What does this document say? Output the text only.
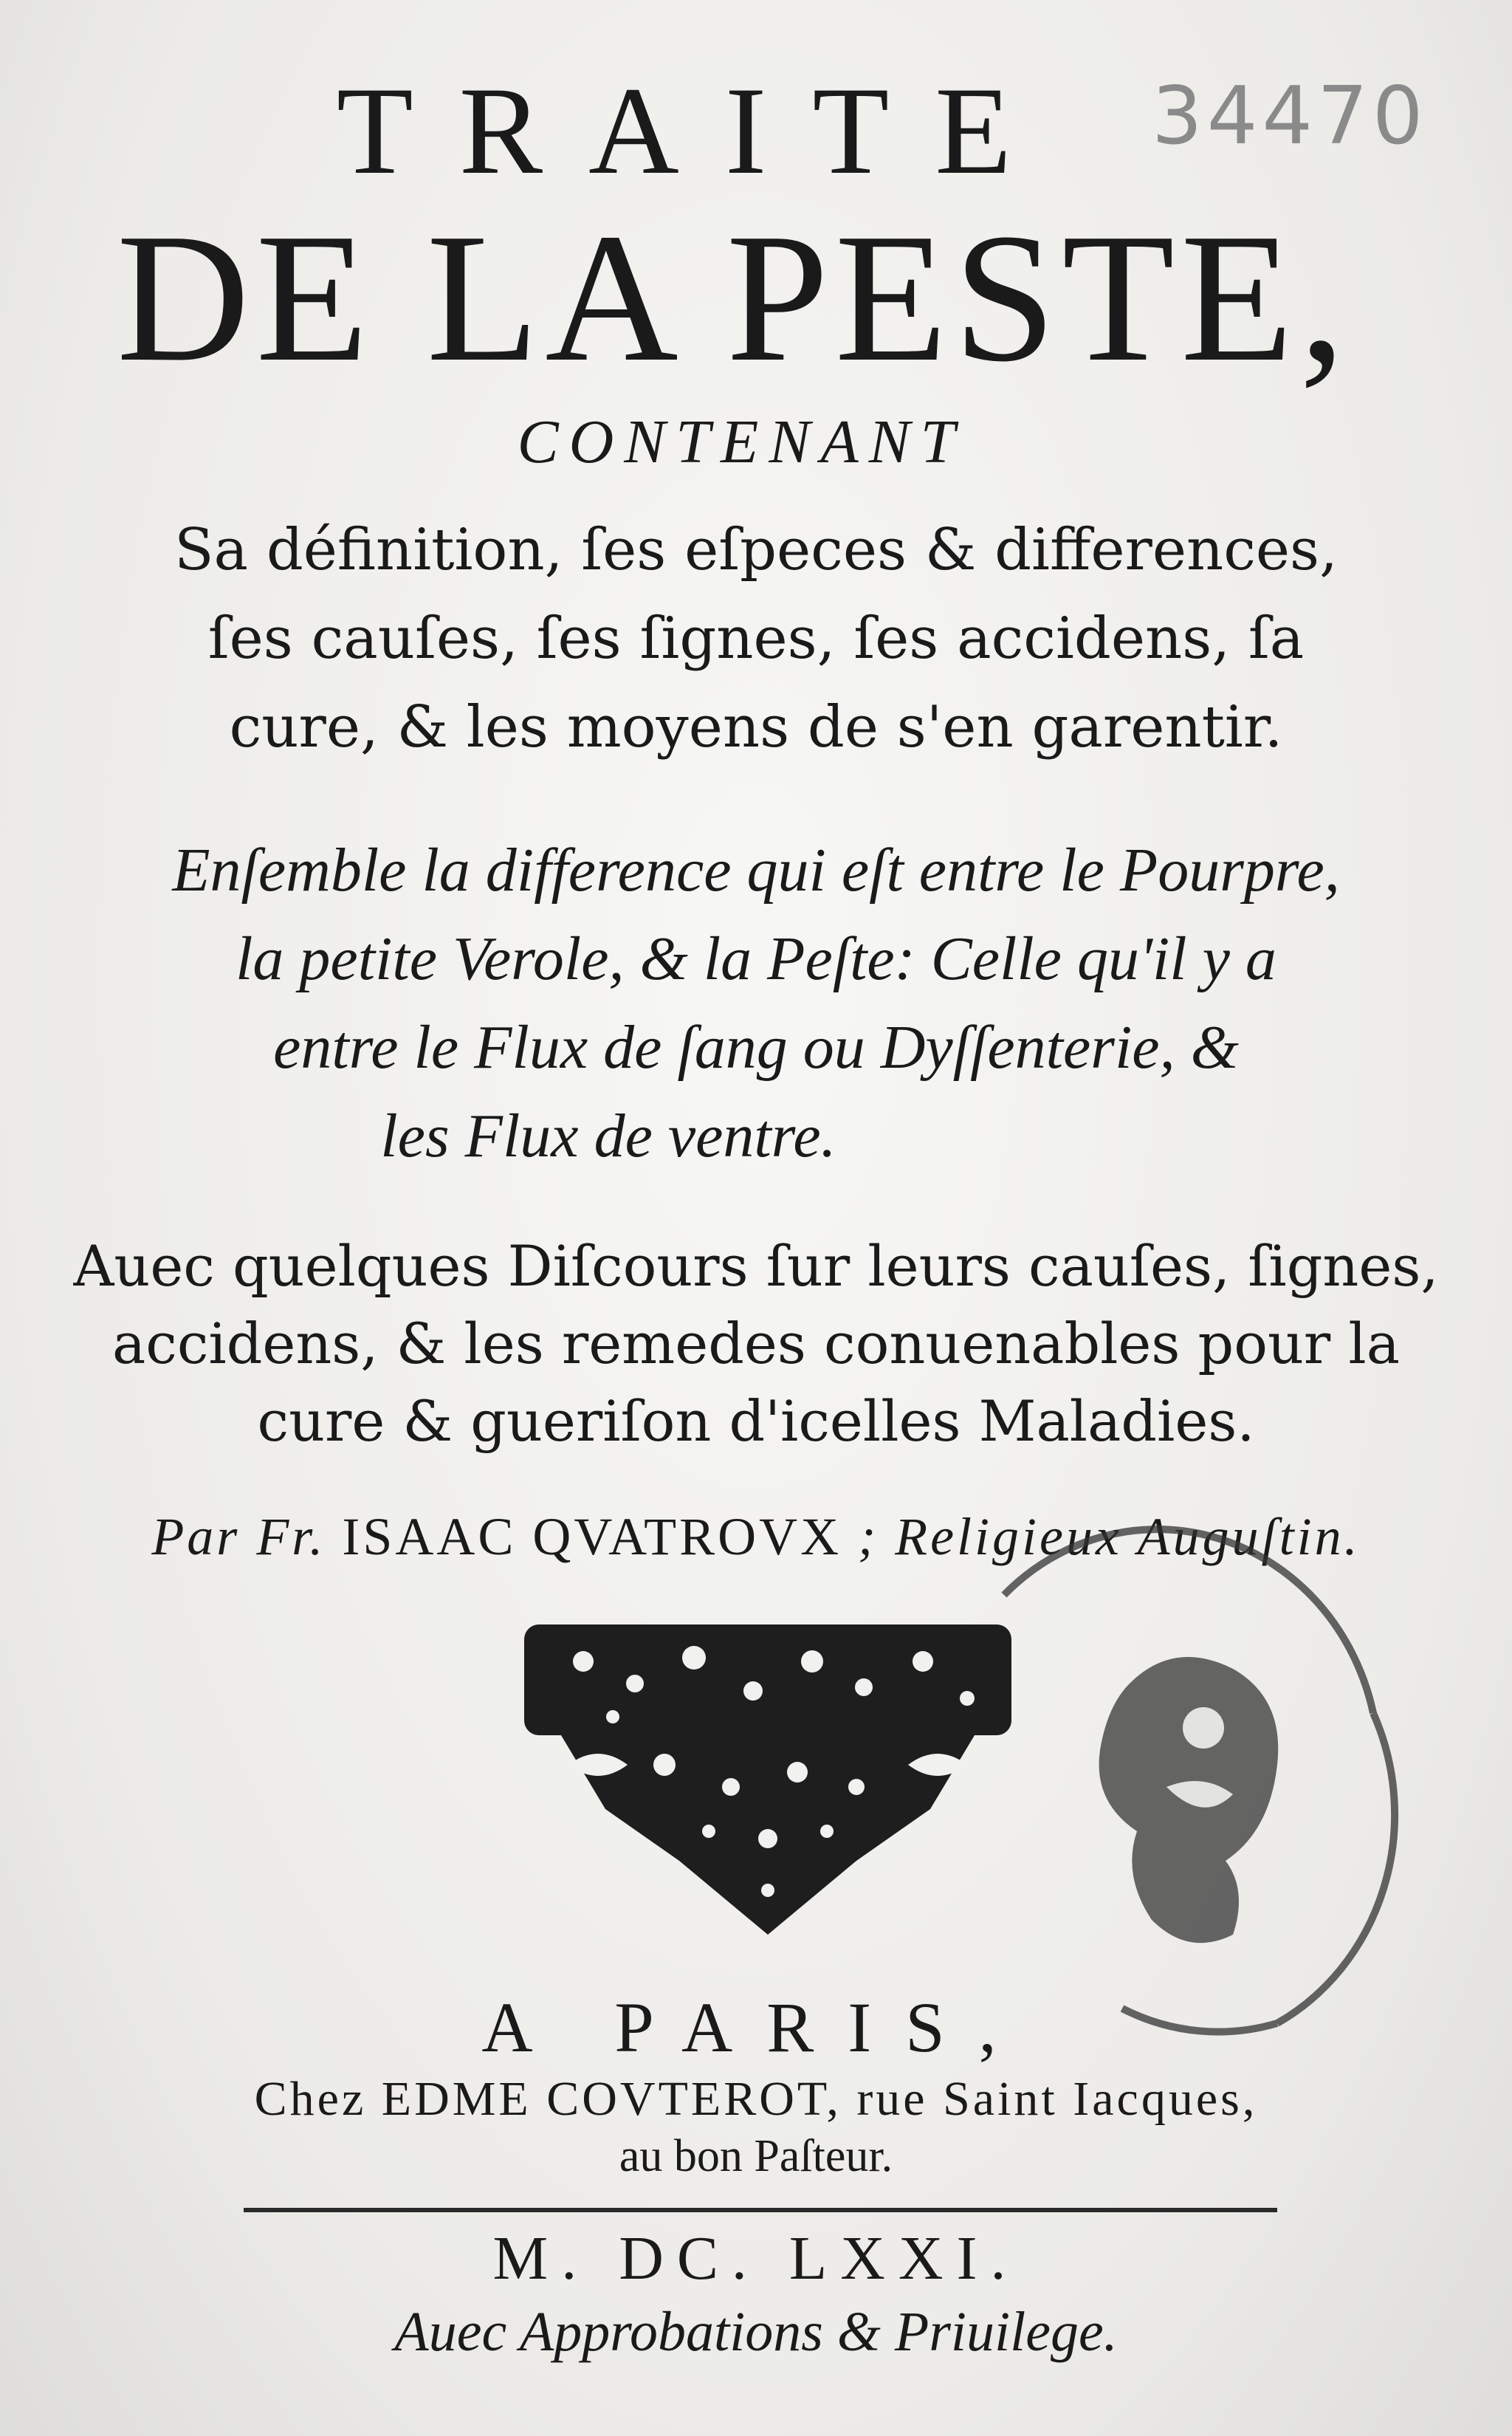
34470
TRAITE
DE LA PESTE,
CONTENANT
Sa définition, ſes eſpeces & differences,
ſes cauſes, ſes ſignes, ſes accidens, ſa
cure, & les moyens de s'en garentir.
Enſemble la difference qui eſt entre le Pourpre,
la petite Verole, & la Peſte: Celle qu'il y a
entre le Flux de ſang ou Dyſſenterie, &
les Flux de ventre.
Auec quelques Diſcours ſur leurs cauſes, ſignes,
accidens, & les remedes conuenables pour la
cure & gueriſon d'icelles Maladies.
Par Fr. ISAAC QVATROVX ; Religieux Auguſtin.
A PARIS,
Chez EDME COVTEROT, rue Saint Iacques,
au bon Paſteur.
M. DC. LXXI.
Auec Approbations & Priuilege.
